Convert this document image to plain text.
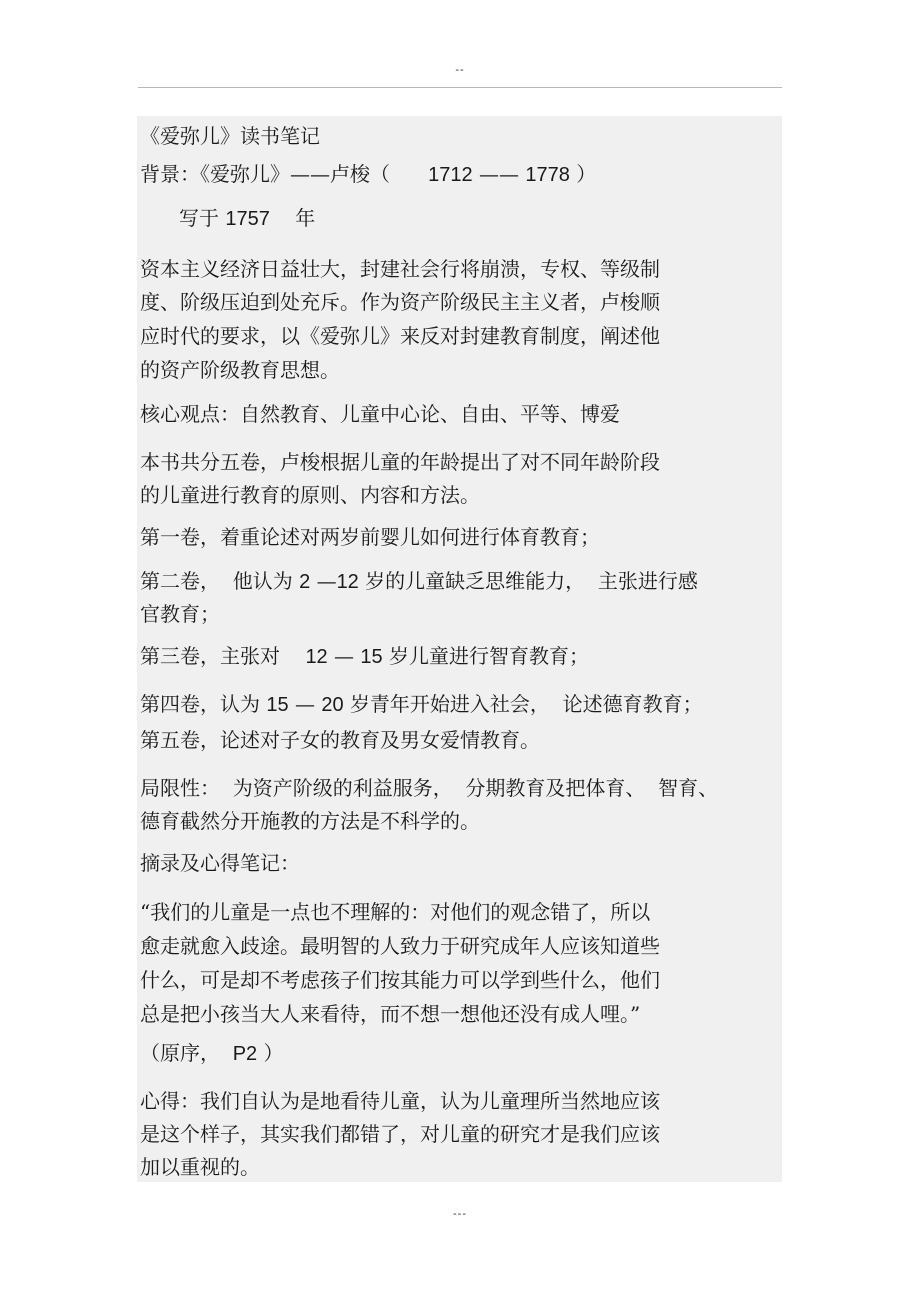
--
《爱弥儿》读书笔记
背景：《爱弥儿》——卢梭（ 1712 —— 1778 ）
写于 1757 年
资本主义经济日益壮大，封建社会行将崩溃，专权、等级制
度、阶级压迫到处充斥。作为资产阶级民主主义者，卢梭顺
应时代的要求，以《爱弥儿》来反对封建教育制度，阐述他
的资产阶级教育思想。
核心观点：自然教育、儿童中心论、自由、平等、博爱
本书共分五卷，卢梭根据儿童的年龄提出了对不同年龄阶段
的儿童进行教育的原则、内容和方法。
第一卷，着重论述对两岁前婴儿如何进行体育教育；
第二卷，  他认为 2 —12 岁的儿童缺乏思维能力，  主张进行感
官教育；
第三卷，主张对    12 — 15 岁儿童进行智育教育；
第四卷，认为 15 — 20 岁青年开始进入社会，  论述德育教育；
第五卷，论述对子女的教育及男女爱情教育。
局限性：  为资产阶级的利益服务，  分期教育及把体育、  智育、
德育截然分开施教的方法是不科学的。
摘录及心得笔记：
“我们的儿童是一点也不理解的：对他们的观念错了，所以
愈走就愈入歧途。最明智的人致力于研究成年人应该知道些
什么，可是却不考虑孩子们按其能力可以学到些什么，他们
总是把小孩当大人来看待，而不想一想他还没有成人哩。”
（原序， P2 ）
心得：我们自认为是地看待儿童，认为儿童理所当然地应该
是这个样子，其实我们都错了，对儿童的研究才是我们应该
加以重视的。
---
